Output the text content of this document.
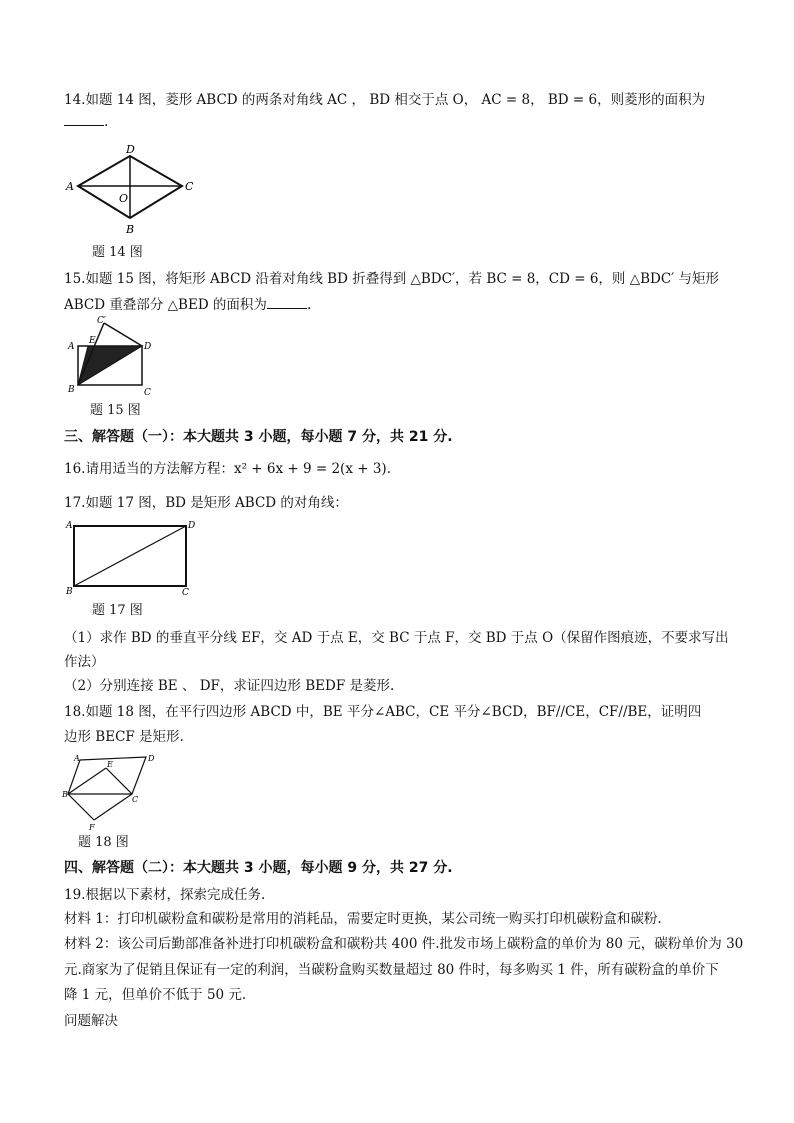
14.如题 14 图，菱形 ABCD 的两条对角线 AC ， BD 相交于点 O， AC = 8， BD = 6，则菱形的面积为
.
A
D
C
B
O
题 14 图
15.如题 15 图，将矩形 ABCD 沿着对角线 BD 折叠得到 △BDC′，若 BC = 8，CD = 6，则 △BDC′ 与矩形
ABCD 重叠部分 △BED 的面积为	.
A
E
C′
D
B	C
题 15 图
三、解答题（一）：本大题共 3 小题，每小题 7 分，共 21 分.
16.请用适当的方法解方程：x² + 6x + 9 = 2(x + 3).
17.如题 17 图，BD 是矩形 ABCD 的对角线：
A	D
B	C
题 17 图
（1）求作 BD 的垂直平分线 EF，交 AD 于点 E，交 BC 于点 F，交 BD 于点 O（保留作图痕迹，不要求写出
作法）
（2）分别连接 BE 、 DF，求证四边形 BEDF 是菱形.
18.如题 18 图，在平行四边形 ABCD 中，BE 平分∠ABC，CE 平分∠BCD，BF//CE，CF//BE，证明四
边形 BECF 是矩形.
A	D
E
B
C
F
题 18 图
四、解答题（二）：本大题共 3 小题，每小题 9 分，共 27 分.
19.根据以下素材，探索完成任务.
材料 1：打印机碳粉盒和碳粉是常用的消耗品，需要定时更换，某公司统一购买打印机碳粉盒和碳粉.
材料 2：该公司后勤部准备补进打印机碳粉盒和碳粉共 400 件.批发市场上碳粉盒的单价为 80 元，碳粉单价为 30
元.商家为了促销且保证有一定的利润，当碳粉盒购买数量超过 80 件时，每多购买 1 件，所有碳粉盒的单价下
降 1 元，但单价不低于 50 元.
问题解决
